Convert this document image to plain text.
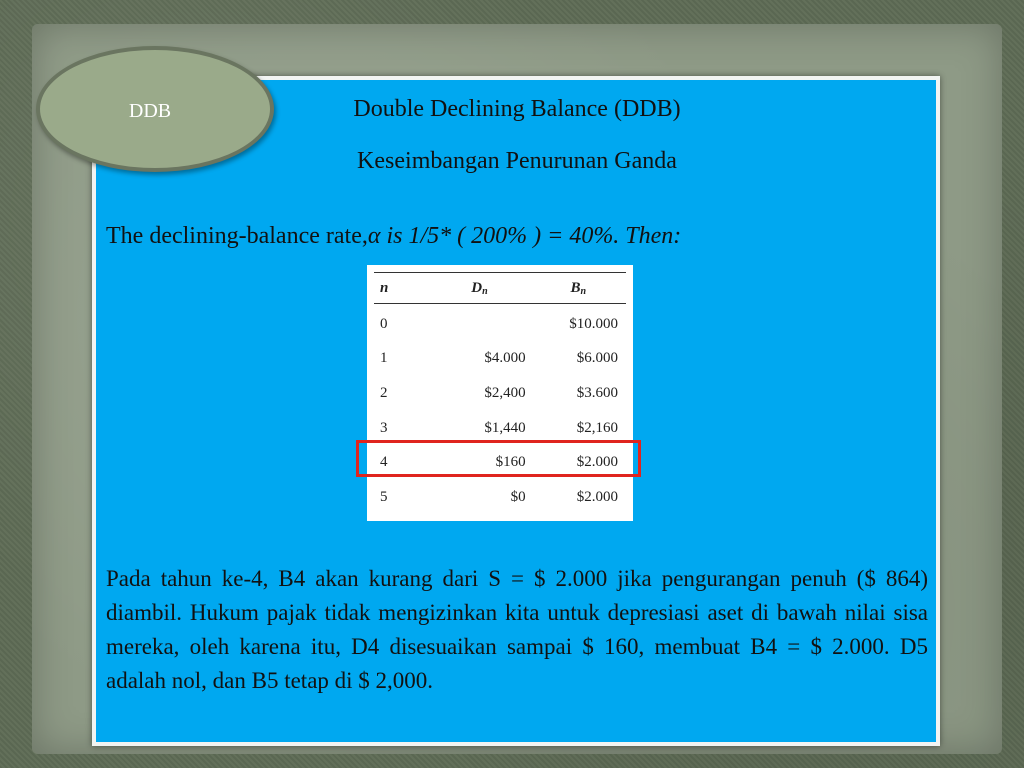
DDB	Double Declining Balance (DDB)
Keseimbangan Penurunan Ganda
The declining-balance rate,α is 1/5* ( 200% ) = 40%. Then:
n	$D_n$	$B_n$
0		$10.000
1	$4.000	$6.000
2	$2,400	$3.600
3	$1,440	$2,160
4	$160	$2.000
5	$0	$2.000
Pada tahun ke-4, B4 akan kurang dari S = $ 2.000 jika pengurangan penuh ($ 864) diambil. Hukum pajak tidak mengizinkan kita untuk depresiasi aset di bawah nilai sisa mereka, oleh karena itu, D4 disesuaikan sampai $ 160, membuat B4 = $ 2.000. D5 adalah nol, dan B5 tetap di $ 2,000.
